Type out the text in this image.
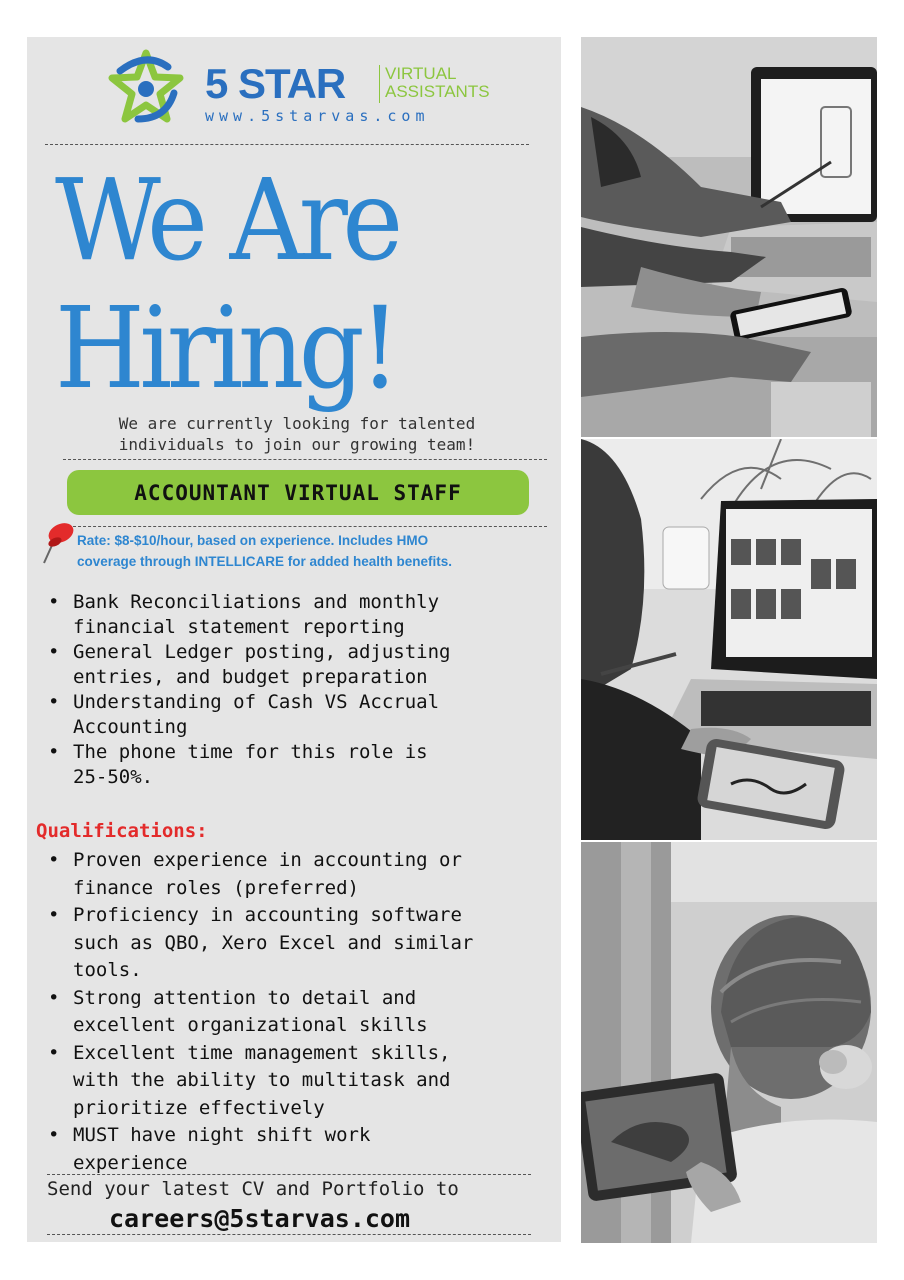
5 STAR VIRTUAL
ASSISTANTS
www.5starvas.com
We Are
Hiring!
We are currently looking for talented
individuals to join our growing team!
ACCOUNTANT VIRTUAL STAFF
Rate: $8-$10/hour, based on experience. Includes HMO
coverage through INTELLICARE for added health benefits.
• Bank Reconciliations and monthly
financial statement reporting
• General Ledger posting, adjusting
entries, and budget preparation
• Understanding of Cash VS Accrual
Accounting
• The phone time for this role is
25-50%.
Qualifications:
• Proven experience in accounting or
finance roles (preferred)
• Proficiency in accounting software
such as QBO, Xero Excel and similar
tools.
• Strong attention to detail and
excellent organizational skills
• Excellent time management skills,
with the ability to multitask and
prioritize effectively
• MUST have night shift work
experience
Send your latest CV and Portfolio to
careers@5starvas.com
